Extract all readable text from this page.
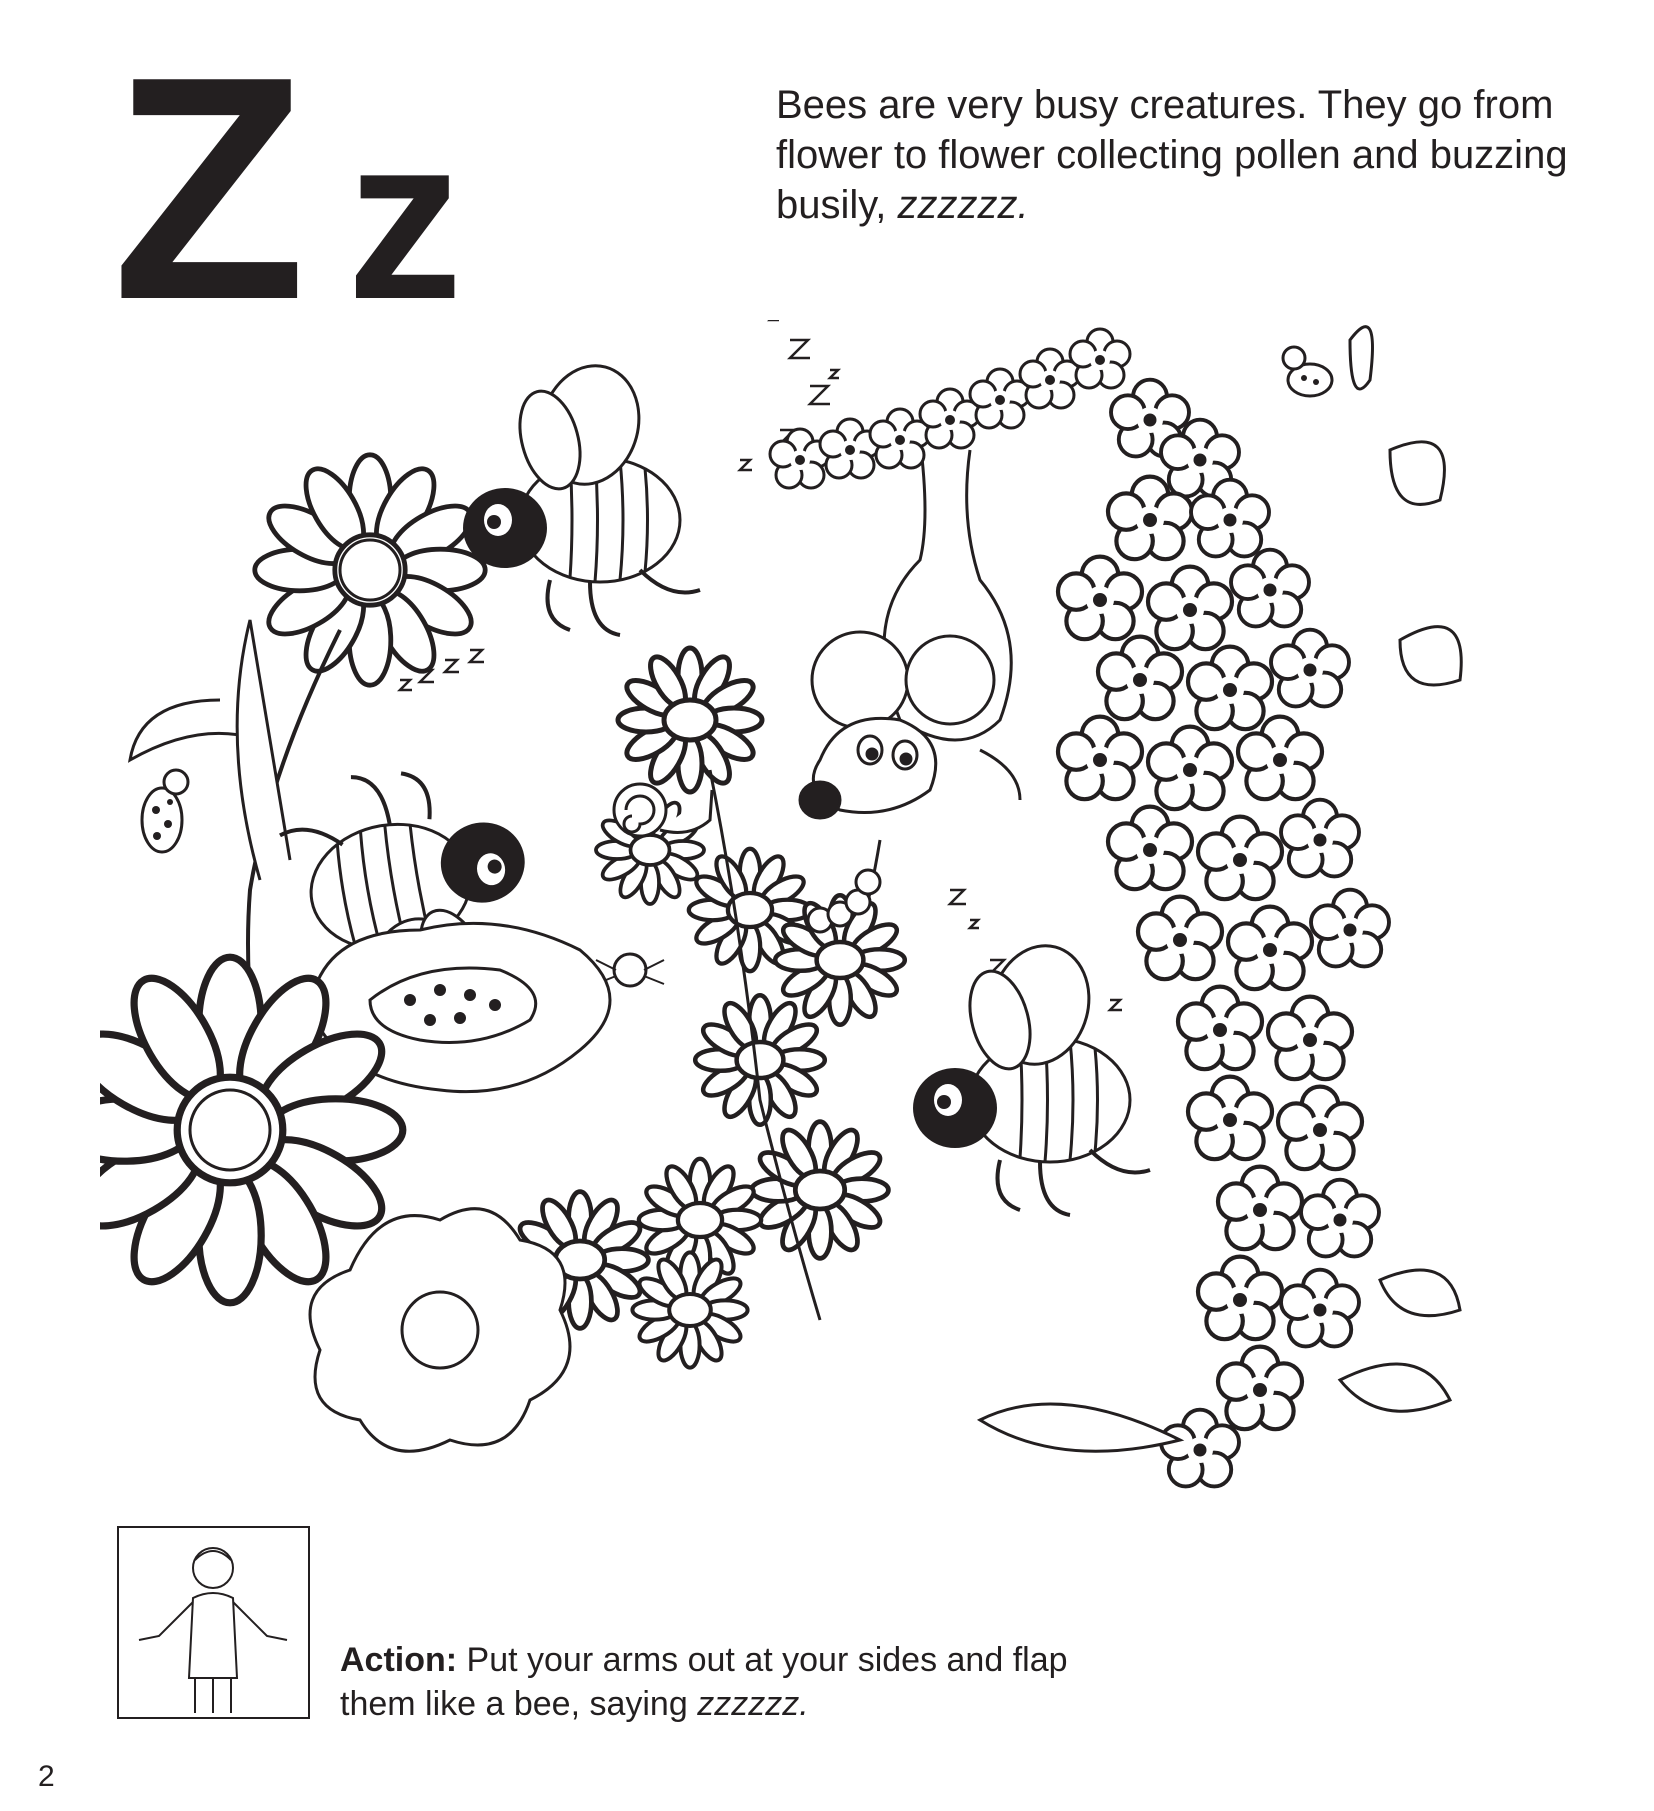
Z z	Bees are very busy creatures. They go from flower to flower collecting pollen and buzzing busily, zzzzzz.

Action: Put your arms out at your sides and flap them like a bee, saying zzzzzz.

2
